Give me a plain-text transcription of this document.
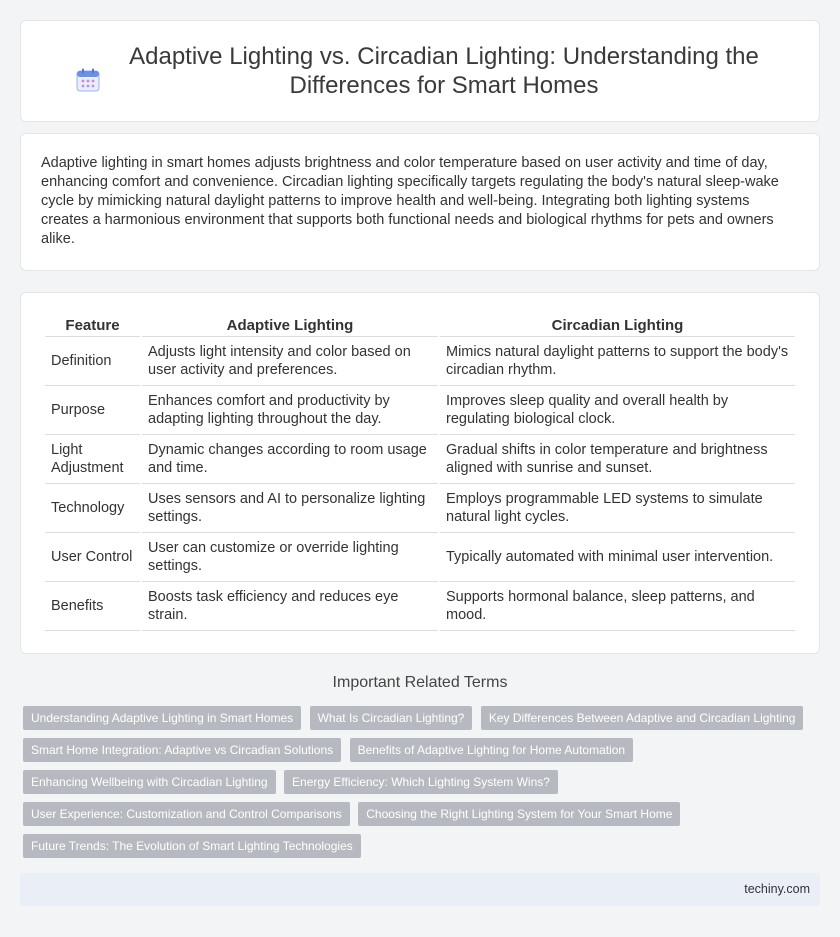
Adaptive Lighting vs. Circadian Lighting: Understanding the Differences for Smart Homes
Adaptive lighting in smart homes adjusts brightness and color temperature based on user activity and time of day, enhancing comfort and convenience. Circadian lighting specifically targets regulating the body's natural sleep-wake cycle by mimicking natural daylight patterns to improve health and well-being. Integrating both lighting systems creates a harmonious environment that supports both functional needs and biological rhythms for pets and owners alike.
Feature	Adaptive Lighting	Circadian Lighting
Definition	Adjusts light intensity and color based on user activity and preferences.	Mimics natural daylight patterns to support the body's circadian rhythm.
Purpose	Enhances comfort and productivity by adapting lighting throughout the day.	Improves sleep quality and overall health by regulating biological clock.
Light Adjustment	Dynamic changes according to room usage and time.	Gradual shifts in color temperature and brightness aligned with sunrise and sunset.
Technology	Uses sensors and AI to personalize lighting settings.	Employs programmable LED systems to simulate natural light cycles.
User Control	User can customize or override lighting settings.	Typically automated with minimal user intervention.
Benefits	Boosts task efficiency and reduces eye strain.	Supports hormonal balance, sleep patterns, and mood.
Important Related Terms
Understanding Adaptive Lighting in Smart Homes What Is Circadian Lighting? Key Differences Between Adaptive and Circadian Lighting
Smart Home Integration: Adaptive vs Circadian Solutions Benefits of Adaptive Lighting for Home Automation
Enhancing Wellbeing with Circadian Lighting Energy Efficiency: Which Lighting System Wins?
User Experience: Customization and Control Comparisons Choosing the Right Lighting System for Your Smart Home
Future Trends: The Evolution of Smart Lighting Technologies
techiny.com
